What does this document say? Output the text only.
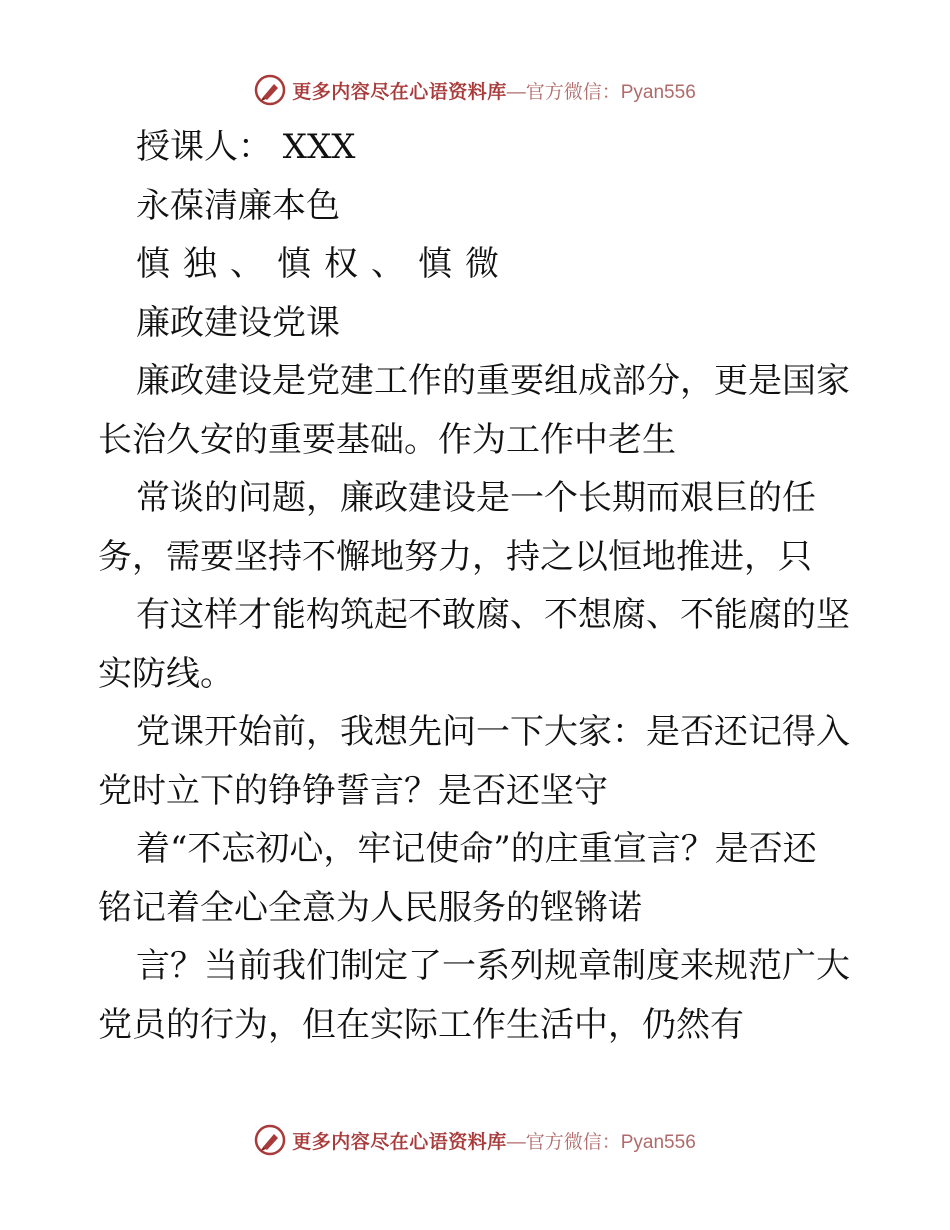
更多内容尽在心语资料库 —官方微信：Pyan556
授课人： XXX
永葆清廉本色
慎独、慎权、慎微
廉政建设党课
廉政建设是党建工作的重要组成部分，更是国家
长治久安的重要基础。作为工作中老生
常谈的问题，廉政建设是一个长期而艰巨的任
务，需要坚持不懈地努力，持之以恒地推进，只
有这样才能构筑起不敢腐、不想腐、不能腐的坚
实防线。
党课开始前，我想先问一下大家：是否还记得入
党时立下的铮铮誓言？是否还坚守
着“不忘初心，牢记使命”的庄重宣言？是否还
铭记着全心全意为人民服务的铿锵诺
言？当前我们制定了一系列规章制度来规范广大
党员的行为，但在实际工作生活中，仍然有
更多内容尽在心语资料库 —官方微信：Pyan556
